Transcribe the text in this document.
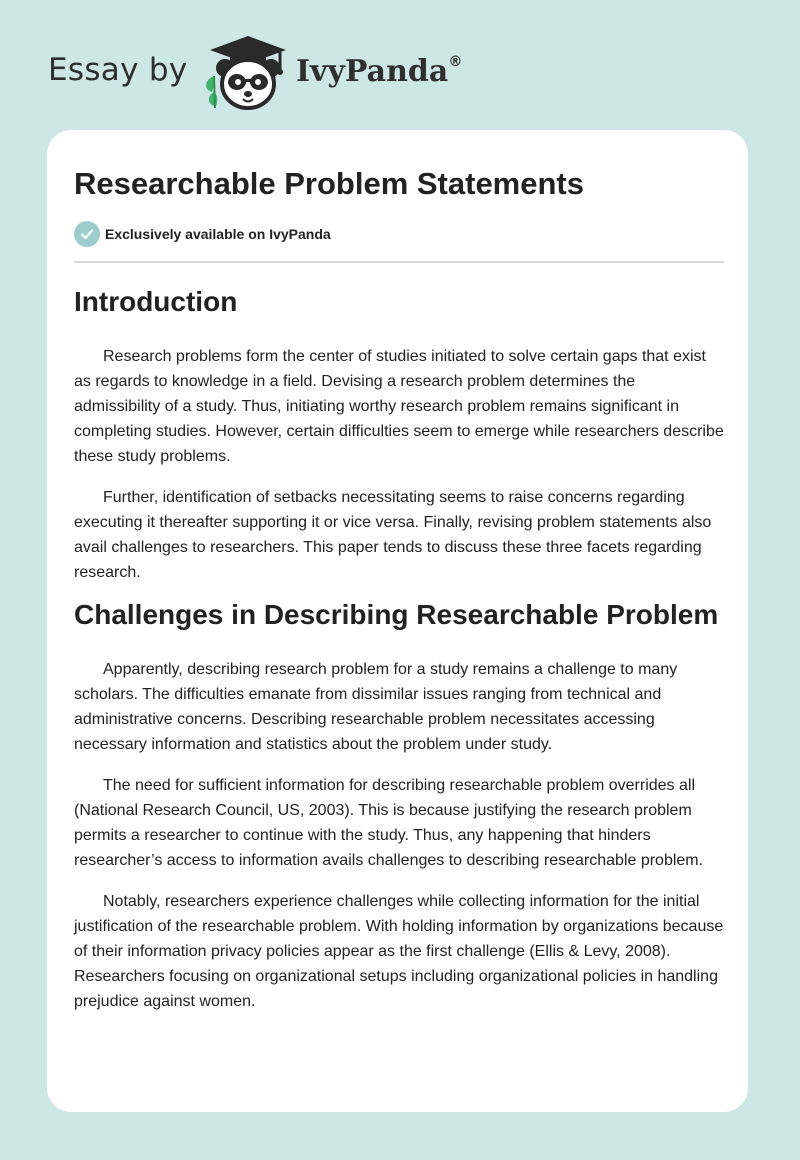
Essay by	IvyPanda®
Researchable Problem Statements
Exclusively available on IvyPanda
Introduction

Research problems form the center of studies initiated to solve certain gaps that exist as regards to knowledge in a field. Devising a research problem determines the admissibility of a study. Thus, initiating worthy research problem remains significant in completing studies. However, certain difficulties seem to emerge while researchers describe these study problems.

Further, identification of setbacks necessitating seems to raise concerns regarding executing it thereafter supporting it or vice versa. Finally, revising problem statements also avail challenges to researchers. This paper tends to discuss these three facets regarding research.

Challenges in Describing Researchable Problem

Apparently, describing research problem for a study remains a challenge to many scholars. The difficulties emanate from dissimilar issues ranging from technical and administrative concerns. Describing researchable problem necessitates accessing necessary information and statistics about the problem under study.

The need for sufficient information for describing researchable problem overrides all (National Research Council, US, 2003). This is because justifying the research problem permits a researcher to continue with the study. Thus, any happening that hinders researcher’s access to information avails challenges to describing researchable problem.

Notably, researchers experience challenges while collecting information for the initial justification of the researchable problem. With holding information by organizations because of their information privacy policies appear as the first challenge (Ellis & Levy, 2008). Researchers focusing on organizational setups including organizational policies in handling prejudice against women.
